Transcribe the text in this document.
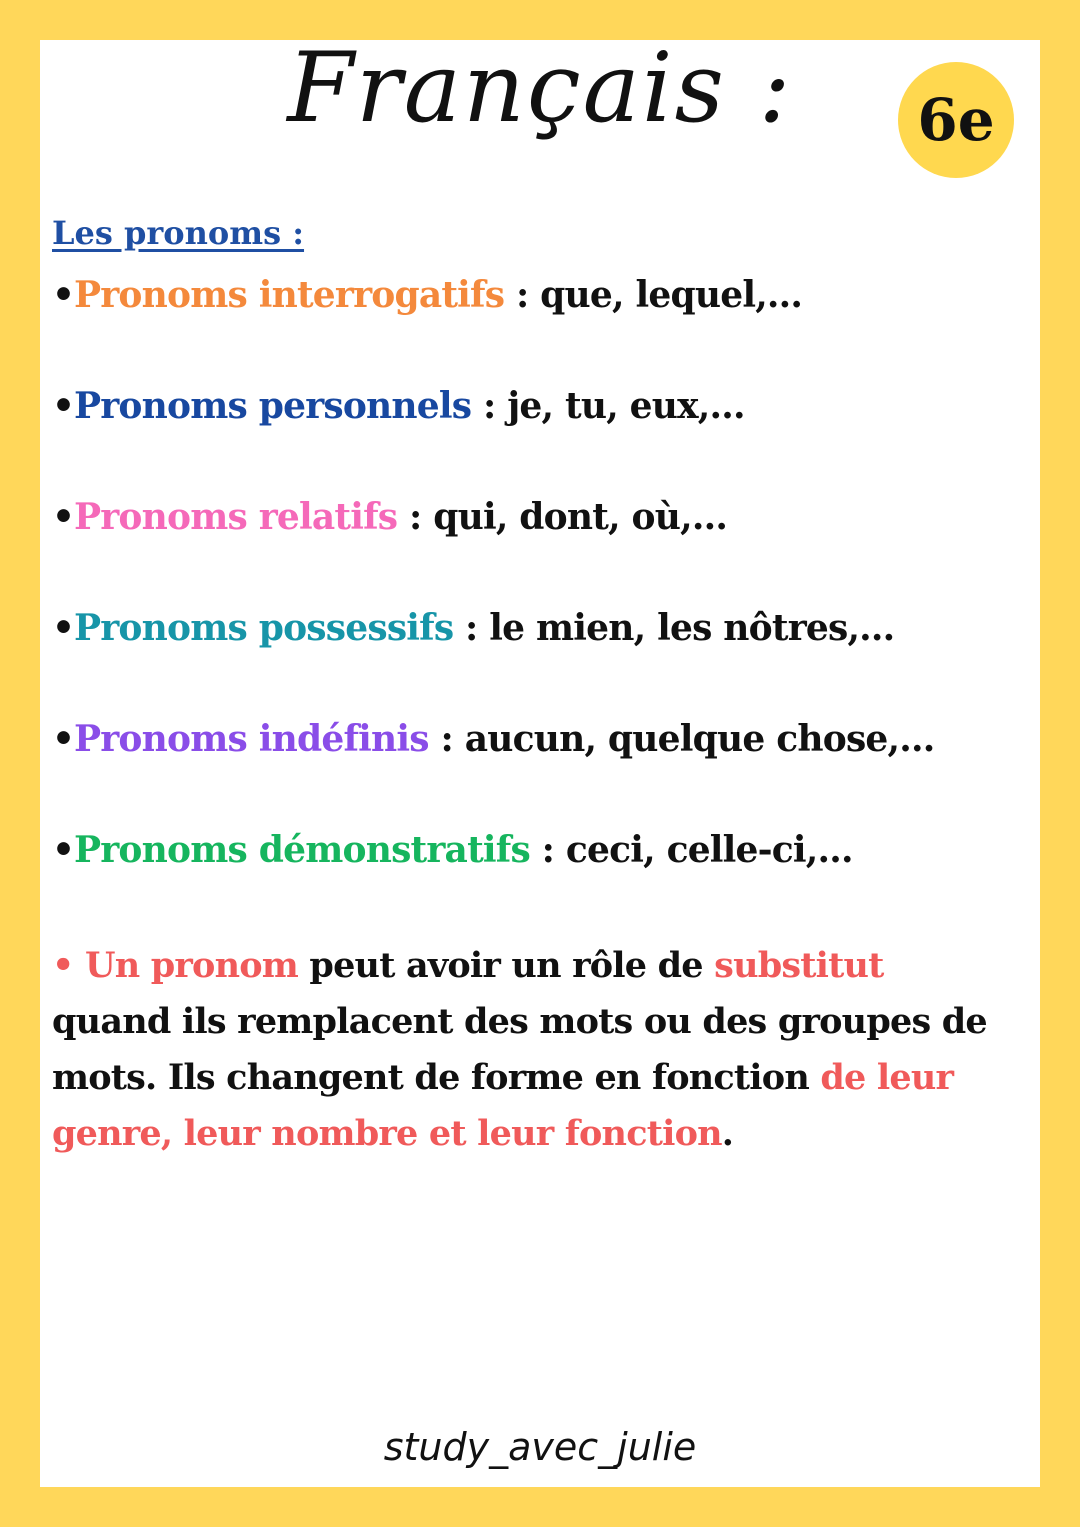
Français :	6e
Les pronoms :
•Pronoms interrogatifs : que, lequel,...
•Pronoms personnels : je, tu, eux,...
•Pronoms relatifs : qui, dont, où,...
•Pronoms possessifs : le mien, les nôtres,...
•Pronoms indéfinis : aucun, quelque chose,...
•Pronoms démonstratifs : ceci, celle-ci,...
• Un pronom peut avoir un rôle de substitut quand ils remplacent des mots ou des groupes de mots. Ils changent de forme en fonction de leur genre, leur nombre et leur fonction.
study_avec_julie
